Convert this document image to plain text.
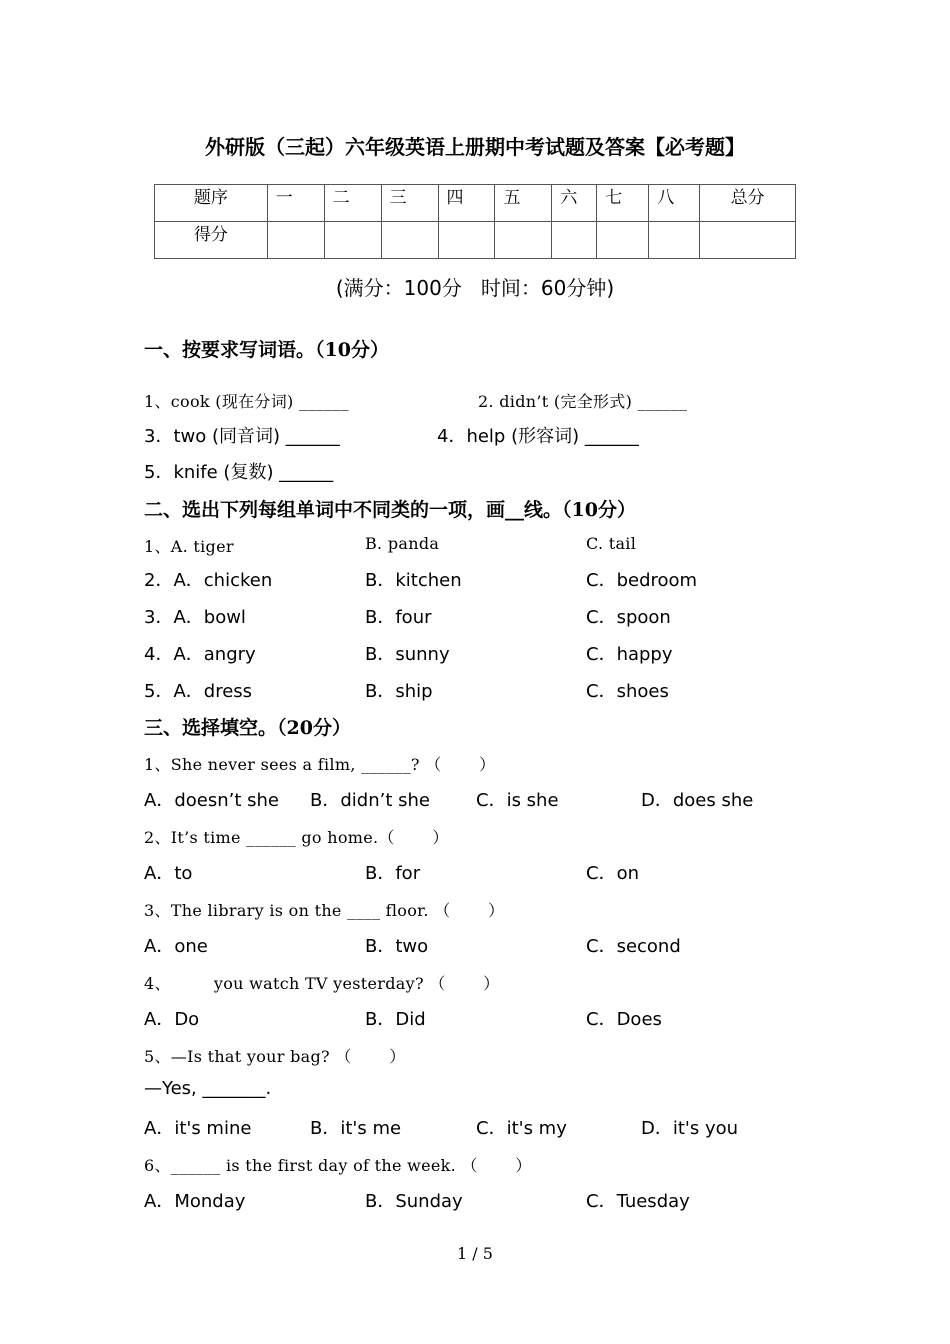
外研版（三起）六年级英语上册期中考试题及答案【必考题】
题序	一	二	三	四	五	六	七	八	总分
得分									
(满分：100分   时间：60分钟)
一、按要求写词语。（10分）
1、cook (现在分词) ______	2. didn’t (完全形式) ______
3．two (同音词) ______	4．help (形容词) ______
5．knife (复数) ______
二、选出下列每组单词中不同类的一项，画__线。（10分）
1、A. tiger	B. panda	C. tail
2．A．chicken	B．kitchen	C．bedroom
3．A．bowl	B．four	C．spoon
4．A．angry	B．sunny	C．happy
5．A．dress	B．ship	C．shoes
三、选择填空。（20分）
1、She never sees a film, ______? （       ）
A．doesn’t she B．didn’t she	C．is she	D．does she
2、It’s time ______ go home.（       ）
A．to	B．for	C．on
3、The library is on the ____ floor. （       ）
A．one	B．two	C．second
4、        you watch TV yesterday? （       ）
A．Do	B．Did	C．Does
5、—Is that your bag? （       ）
—Yes, _______.
A．it's mine	B．it's me	C．it's my	D．it's you
6、______ is the first day of the week. （       ）
A．Monday	B．Sunday	C．Tuesday
1 / 5
